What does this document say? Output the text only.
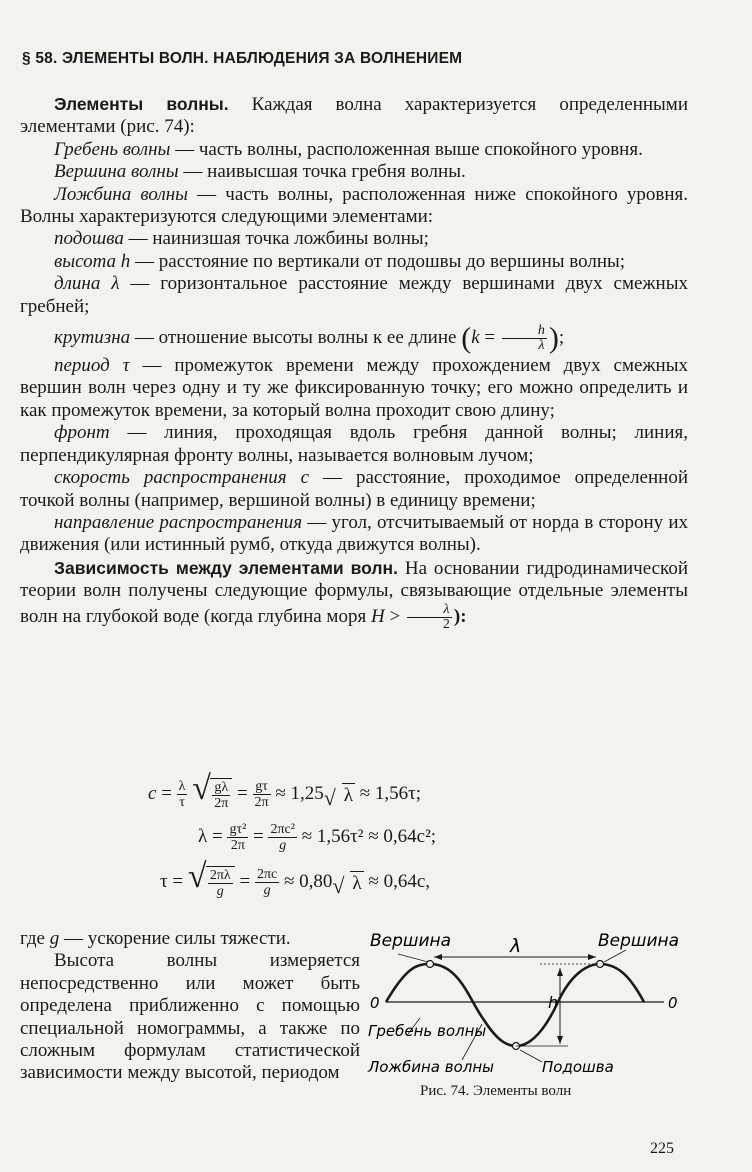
§ 58. ЭЛЕМЕНТЫ ВОЛН. НАБЛЮДЕНИЯ ЗА ВОЛНЕНИЕМ

Элементы волны. Каждая волна характеризуется определенными элементами (рис. 74):

Гребень волны — часть волны, расположенная выше спокойного уровня.

Вершина волны — наивысшая точка гребня волны.

Ложбина волны — часть волны, расположенная ниже спокойного уровня. Волны характеризуются следующими элементами:

подошва — наинизшая точка ложбины волны;

высота h — расстояние по вертикали от подошвы до вершины волны;

длина λ — горизонтальное расстояние между вершинами двух смежных гребней;

крутизна — отношение высоты волны к ее длине ($k = \frac{h}{\lambda}$ );

период τ — промежуток времени между прохождением двух смежных вершин волн через одну и ту же фиксированную точку; его можно определить и как промежуток времени, за который волна проходит свою длину;

фронт — линия, проходящая вдоль гребня данной волны; линия, перпендикулярная фронту волны, называется волновым лучом;

скорость распространения c — расстояние, проходимое определенной точкой волны (например, вершиной волны) в единицу времени;

направление распространения — угол, отсчитываемый от норда в сторону их движения (или истинный румб, откуда движутся волны).

Зависимость между элементами волн. На основании гидродинамической теории волн получены следующие формулы, связывающие отдельные элементы волн на глубокой воде (когда глубина моря $H > \frac{\lambda}{2}$ ):

$c = \frac{\lambda}{\tau}$
√ $\frac{g\lambda}{2\pi} = \frac{g\tau}{2\pi} \approx 1,25$ √ λ ≈ 1,56τ;
$\lambda = \frac{\text{gτ²}}{2\pi} = \frac{\text{2πc²}}{g} \approx 1,56\tau^2 \approx 0,64c^2$;
τ = √ $\frac{2\pi\lambda}{g} = \frac{2\pi c}{g} \approx 0,80$ √ λ ≈ 0,64c,

где g — ускорение силы тяжести.

Высота волны измеряется непосредственно или может быть определена приближенно с помощью специальной номограммы, а также по сложным формулам статистической зависимости между высотой, периодом

Вершина	Вершина
λ
h
0	0
Гребень волны
Ложбина волны	Подошва
Рис. 74. Элементы волн
225
